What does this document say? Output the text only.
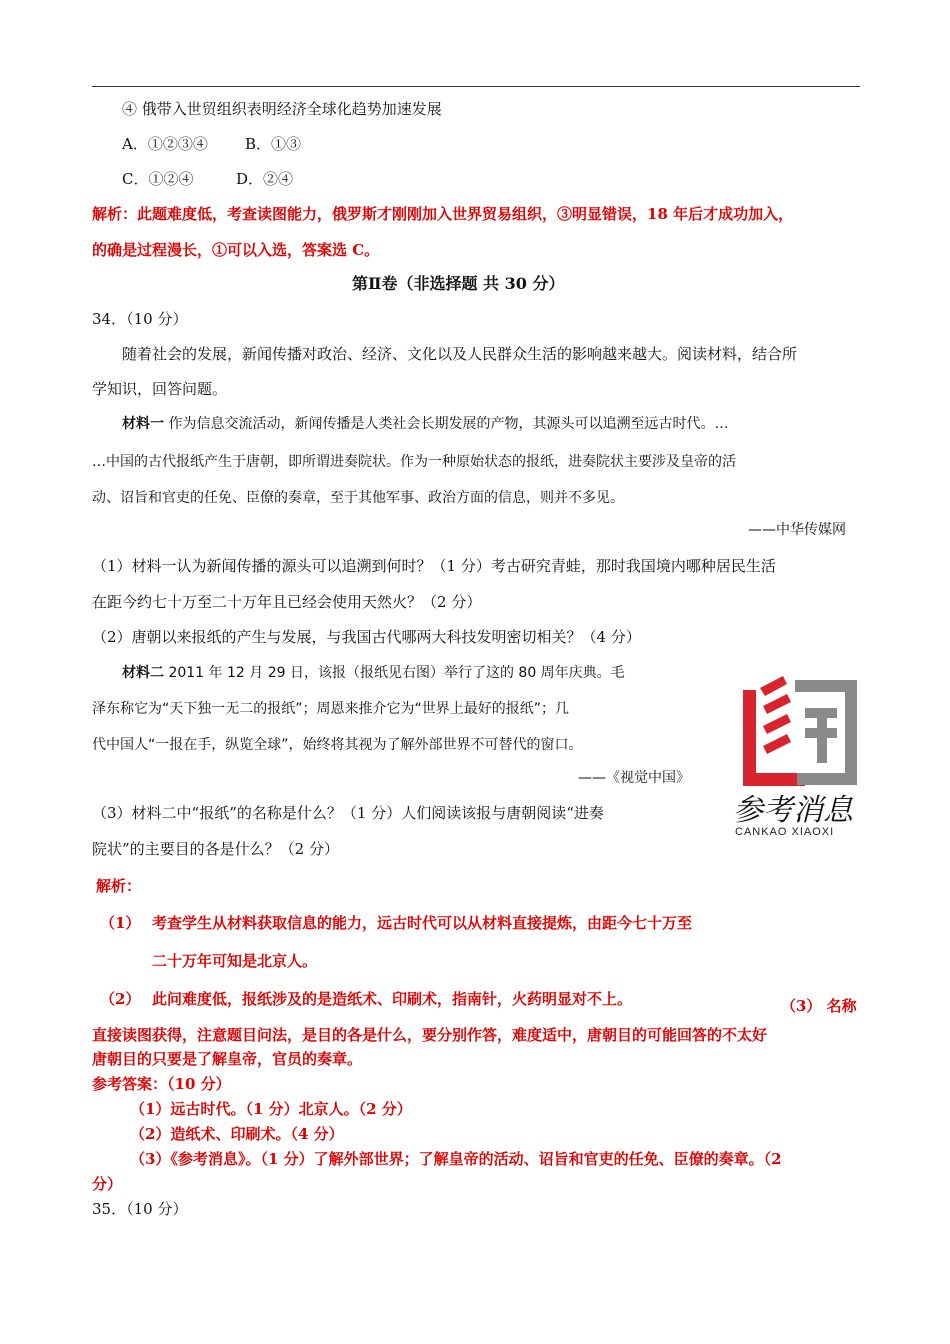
④ 俄带入世贸组织表明经济全球化趋势加速发展
A．①②③④ B．①③
C．①②④	D．②④
解析：此题难度低，考查读图能力，俄罗斯才刚刚加入世界贸易组织，③明显错误，18 年后才成功加入，
的确是过程漫长，①可以入选，答案选 C。
第Ⅱ卷（非选择题 共 30 分）
34．（10 分）
随着社会的发展，新闻传播对政治、经济、文化以及人民群众生活的影响越来越大。阅读材料，结合所
学知识，回答问题。
材料一 作为信息交流活动，新闻传播是人类社会长期发展的产物，其源头可以追溯至远古时代。…
…中国的古代报纸产生于唐朝，即所谓进奏院状。作为一种原始状态的报纸，进奏院状主要涉及皇帝的活
动、诏旨和官吏的任免、臣僚的奏章，至于其他军事、政治方面的信息，则并不多见。
——中华传媒网
（1）材料一认为新闻传播的源头可以追溯到何时？（1 分）考古研究青蛙，那时我国境内哪种居民生活
在距今约七十万至二十万年且已经会使用天然火？（2 分）
（2）唐朝以来报纸的产生与发展，与我国古代哪两大科技发明密切相关？（4 分）
材料二 2011 年 12 月 29 日，该报（报纸见右图）举行了这的 80 周年庆典。毛
泽东称它为“天下独一无二的报纸”；周恩来推介它为“世界上最好的报纸”；几
代中国人“一报在手，纵览全球”，始终将其视为了解外部世界不可替代的窗口。
——《视觉中国》
（3）材料二中“报纸”的名称是什么？（1 分）人们阅读该报与唐朝阅读“进奏
院状”的主要目的各是什么？（2 分）
参考消息
CANKAO XIAOXI
解析：
（1） 考查学生从材料获取信息的能力，远古时代可以从材料直接提炼，由距今七十万至
二十万年可知是北京人。
（2） 此问难度低，报纸涉及的是造纸术、印刷术，指南针，火药明显对不上。	（3） 名称
直接读图获得，注意题目问法，是目的各是什么，要分别作答，难度适中，唐朝目的可能回答的不太好
唐朝目的只要是了解皇帝，官员的奏章。
参考答案：（10 分）
（1）远古时代。（1 分）北京人。（2 分）
（2）造纸术、印刷术。（4 分）
（3）《参考消息》。（1 分）了解外部世界；了解皇帝的活动、诏旨和官吏的任免、臣僚的奏章。（2
分）
35．（10 分）
